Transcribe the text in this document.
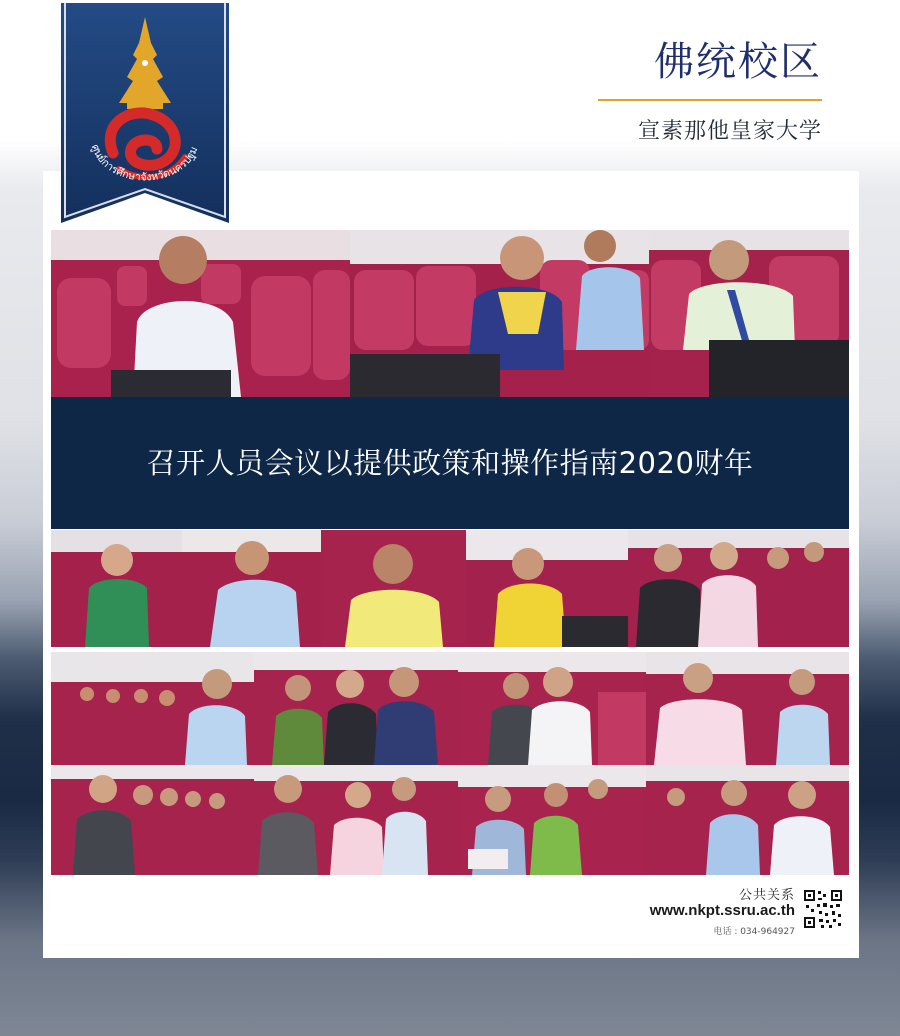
ศูนย์การศึกษาจังหวัดนครปฐม
佛统校区
宣素那他皇家大学
召开人员会议以提供政策和操作指南2020财年
公共关系
www.nkpt.ssru.ac.th
电话 : 034-964927
